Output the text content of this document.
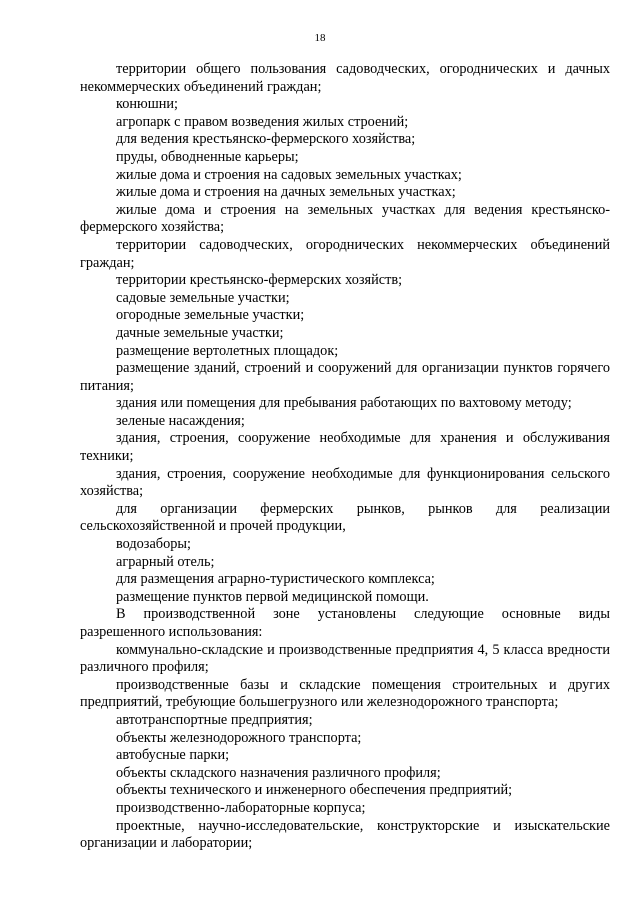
18

территории общего пользования садоводческих, огороднических и дачных некоммерческих объединений граждан;

конюшни;

агропарк с правом возведения жилых строений;

для ведения крестьянско-фермерского хозяйства;

пруды, обводненные карьеры;

жилые дома и строения на садовых земельных участках;

жилые дома и строения на дачных земельных участках;

жилые дома и строения на земельных участках для ведения крестьянско-фермерского хозяйства;

территории садоводческих, огороднических некоммерческих объединений граждан;

территории крестьянско-фермерских хозяйств;

садовые земельные участки;

огородные земельные участки;

дачные земельные участки;

размещение вертолетных площадок;

размещение зданий, строений и сооружений для организации пунктов горячего питания;

здания или помещения для пребывания работающих по вахтовому методу;

зеленые насаждения;

здания, строения, сооружение необходимые для хранения и обслуживания техники;

здания, строения, сооружение необходимые для функционирования сельского хозяйства;

для организации фермерских рынков, рынков для реализации сельскохозяйственной и прочей продукции,

водозаборы;

аграрный отель;

для размещения аграрно-туристического комплекса;

размещение пунктов первой медицинской помощи.

В производственной зоне установлены следующие основные виды разрешенного использования:

коммунально-складские и производственные предприятия 4, 5 класса вредности различного профиля;

производственные базы и складские помещения строительных и других предприятий, требующие большегрузного или железнодорожного транспорта;

автотранспортные предприятия;

объекты железнодорожного транспорта;

автобусные парки;

объекты складского назначения различного профиля;

объекты технического и инженерного обеспечения предприятий;

производственно-лабораторные корпуса;

проектные, научно-исследовательские, конструкторские и изыскательские организации и лаборатории;
